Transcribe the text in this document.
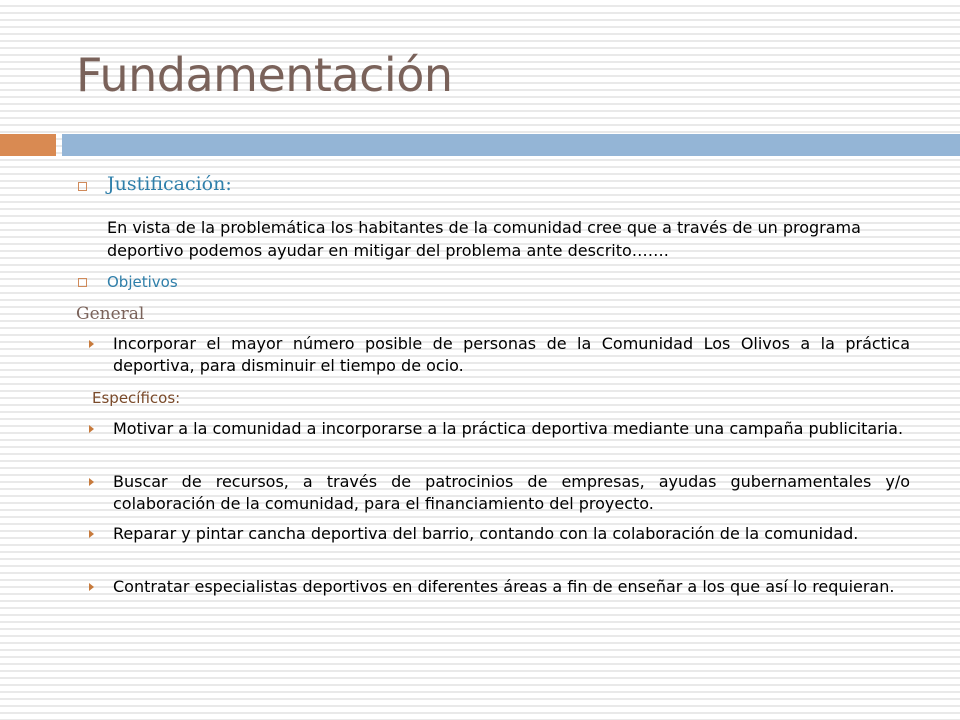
Fundamentación
Justificación:
En vista de la problemática los habitantes de la comunidad cree que a través de un programa deportivo podemos ayudar en mitigar del problema ante descrito…….
Objetivos
General
Incorporar el mayor número posible de personas de la Comunidad Los Olivos a la práctica deportiva, para disminuir el tiempo de ocio.
Específicos:
Motivar a la comunidad a incorporarse a la práctica deportiva mediante una campaña publicitaria.
Buscar de recursos, a través de patrocinios de empresas, ayudas gubernamentales y/o colaboración de la comunidad, para el financiamiento del proyecto.
Reparar y pintar cancha deportiva del barrio, contando con la colaboración de la comunidad.
Contratar especialistas deportivos en diferentes áreas a fin de enseñar a los que así lo requieran.
